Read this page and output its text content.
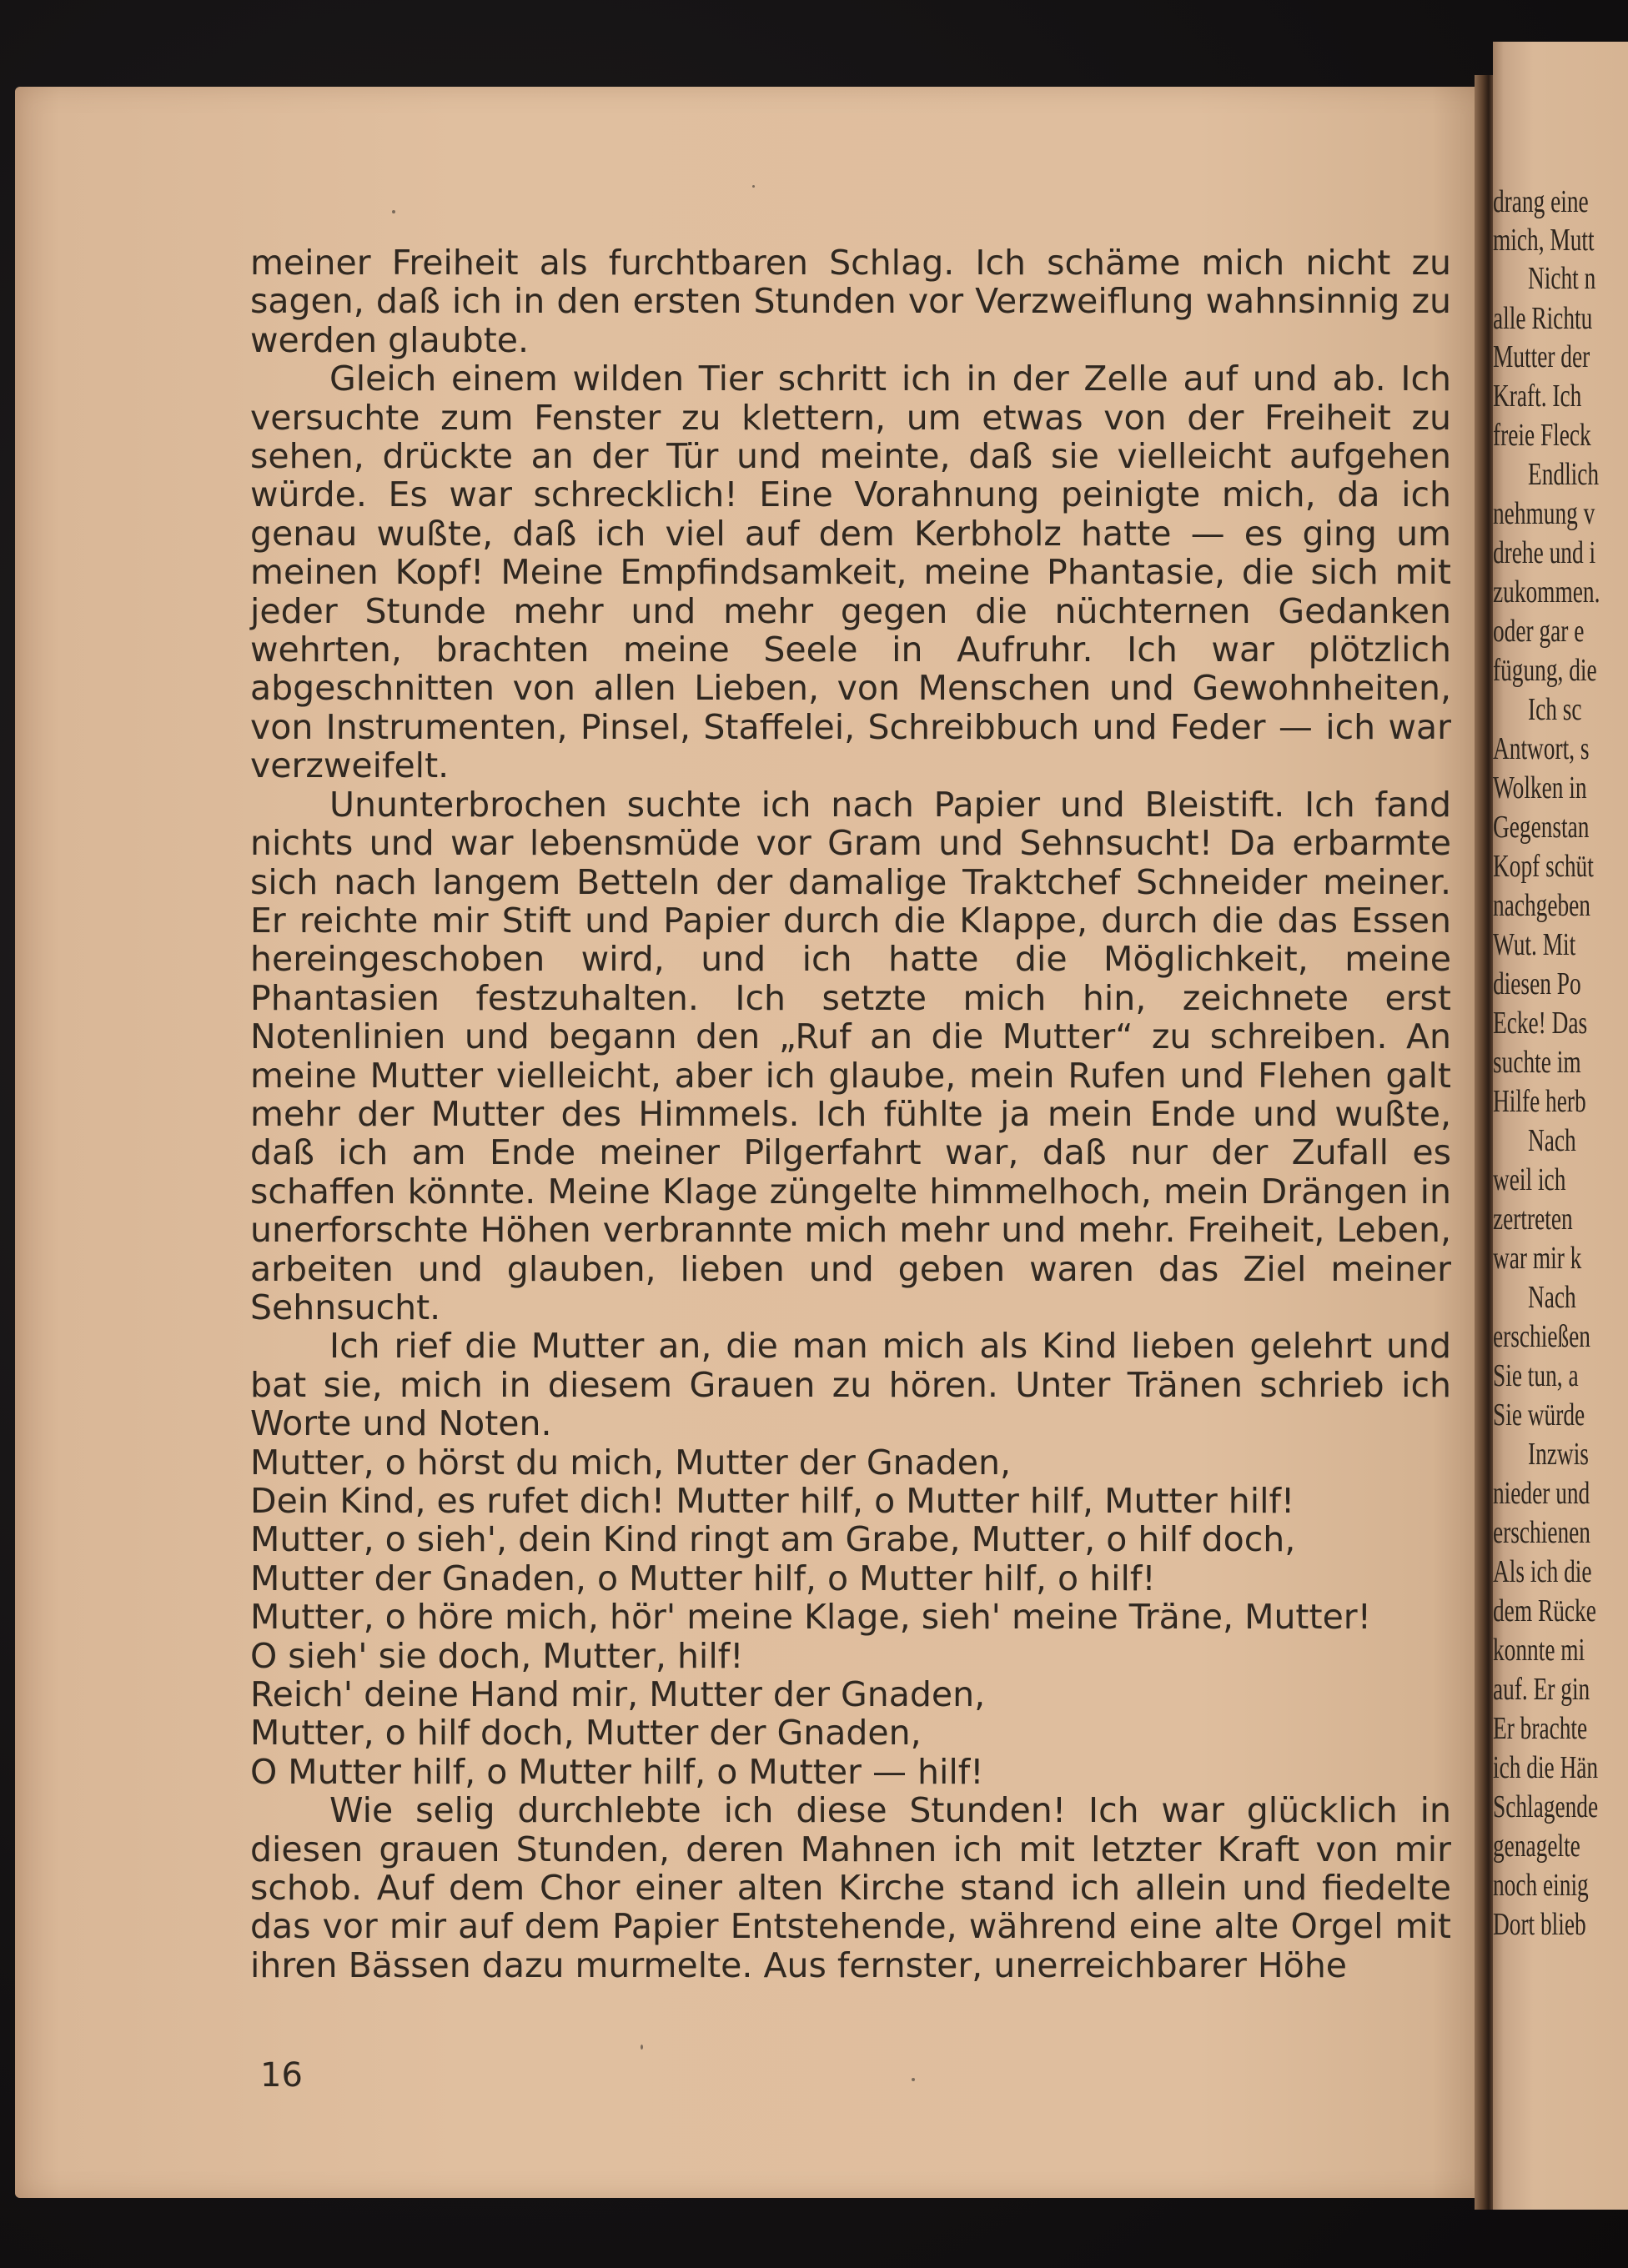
drang eine
mich, Mutt
Nicht n
alle Richtu
Mutter der
Kraft. Ich
freie Fleck
Endlich
nehmung v
drehe und i
zukommen.
oder gar e
fügung, die
Ich sc
Antwort, s
Wolken in
Gegenstan
Kopf schüt
nachgeben
Wut. Mit
diesen Po
Ecke! Das
suchte im
Hilfe herb
Nach
weil ich
zertreten
war mir k
Nach
erschießen
Sie tun, a
Sie würde
Inzwis
nieder und
erschienen
Als ich die
dem Rücke
konnte mi
auf. Er gin
Er brachte
ich die Hän
Schlagende
genagelte
noch einig
Dort blieb

meiner Freiheit als furchtbaren Schlag. Ich schäme mich nicht zu sagen, daß ich in den ersten Stunden vor Verzweiflung wahnsinnig zu werden glaubte.

Gleich einem wilden Tier schritt ich in der Zelle auf und ab. Ich versuchte zum Fenster zu klettern, um etwas von der Freiheit zu sehen, drückte an der Tür und meinte, daß sie vielleicht aufgehen würde. Es war schrecklich! Eine Vorahnung peinigte mich, da ich genau wußte, daß ich viel auf dem Kerbholz hatte — es ging um meinen Kopf! Meine Empfindsamkeit, meine Phantasie, die sich mit jeder Stunde mehr und mehr gegen die nüchternen Gedanken wehrten, brachten meine Seele in Aufruhr. Ich war plötzlich abgeschnitten von allen Lieben, von Menschen und Gewohnheiten, von Instrumenten, Pinsel, Staffelei, Schreibbuch und Feder — ich war verzweifelt.

Ununterbrochen suchte ich nach Papier und Bleistift. Ich fand nichts und war lebensmüde vor Gram und Sehnsucht! Da erbarmte sich nach langem Betteln der damalige Traktchef Schneider meiner. Er reichte mir Stift und Papier durch die Klappe, durch die das Essen hereingeschoben wird, und ich hatte die Möglichkeit, meine Phantasien festzuhalten. Ich setzte mich hin, zeichnete erst Notenlinien und begann den „Ruf an die Mutter“ zu schreiben. An meine Mutter vielleicht, aber ich glaube, mein Rufen und Flehen galt mehr der Mutter des Himmels. Ich fühlte ja mein Ende und wußte, daß ich am Ende meiner Pilgerfahrt war, daß nur der Zufall es schaffen könnte. Meine Klage züngelte himmelhoch, mein Drängen in unerforschte Höhen verbrannte mich mehr und mehr. Freiheit, Leben, arbeiten und glauben, lieben und geben waren das Ziel meiner Sehnsucht.

Ich rief die Mutter an, die man mich als Kind lieben gelehrt und bat sie, mich in diesem Grauen zu hören. Unter Tränen schrieb ich Worte und Noten.

Mutter, o hörst du mich, Mutter der Gnaden,

Dein Kind, es rufet dich! Mutter hilf, o Mutter hilf, Mutter hilf!

Mutter, o sieh', dein Kind ringt am Grabe, Mutter, o hilf doch,

Mutter der Gnaden, o Mutter hilf, o Mutter hilf, o hilf!

Mutter, o höre mich, hör' meine Klage, sieh' meine Träne, Mutter!

O sieh' sie doch, Mutter, hilf!

Reich' deine Hand mir, Mutter der Gnaden,

Mutter, o hilf doch, Mutter der Gnaden,

O Mutter hilf, o Mutter hilf, o Mutter — hilf!

Wie selig durchlebte ich diese Stunden! Ich war glücklich in diesen grauen Stunden, deren Mahnen ich mit letzter Kraft von mir schob. Auf dem Chor einer alten Kirche stand ich allein und fiedelte das vor mir auf dem Papier Entstehende, während eine alte Orgel mit ihren Bässen dazu murmelte. Aus fernster, unerreichbarer Höhe

16
